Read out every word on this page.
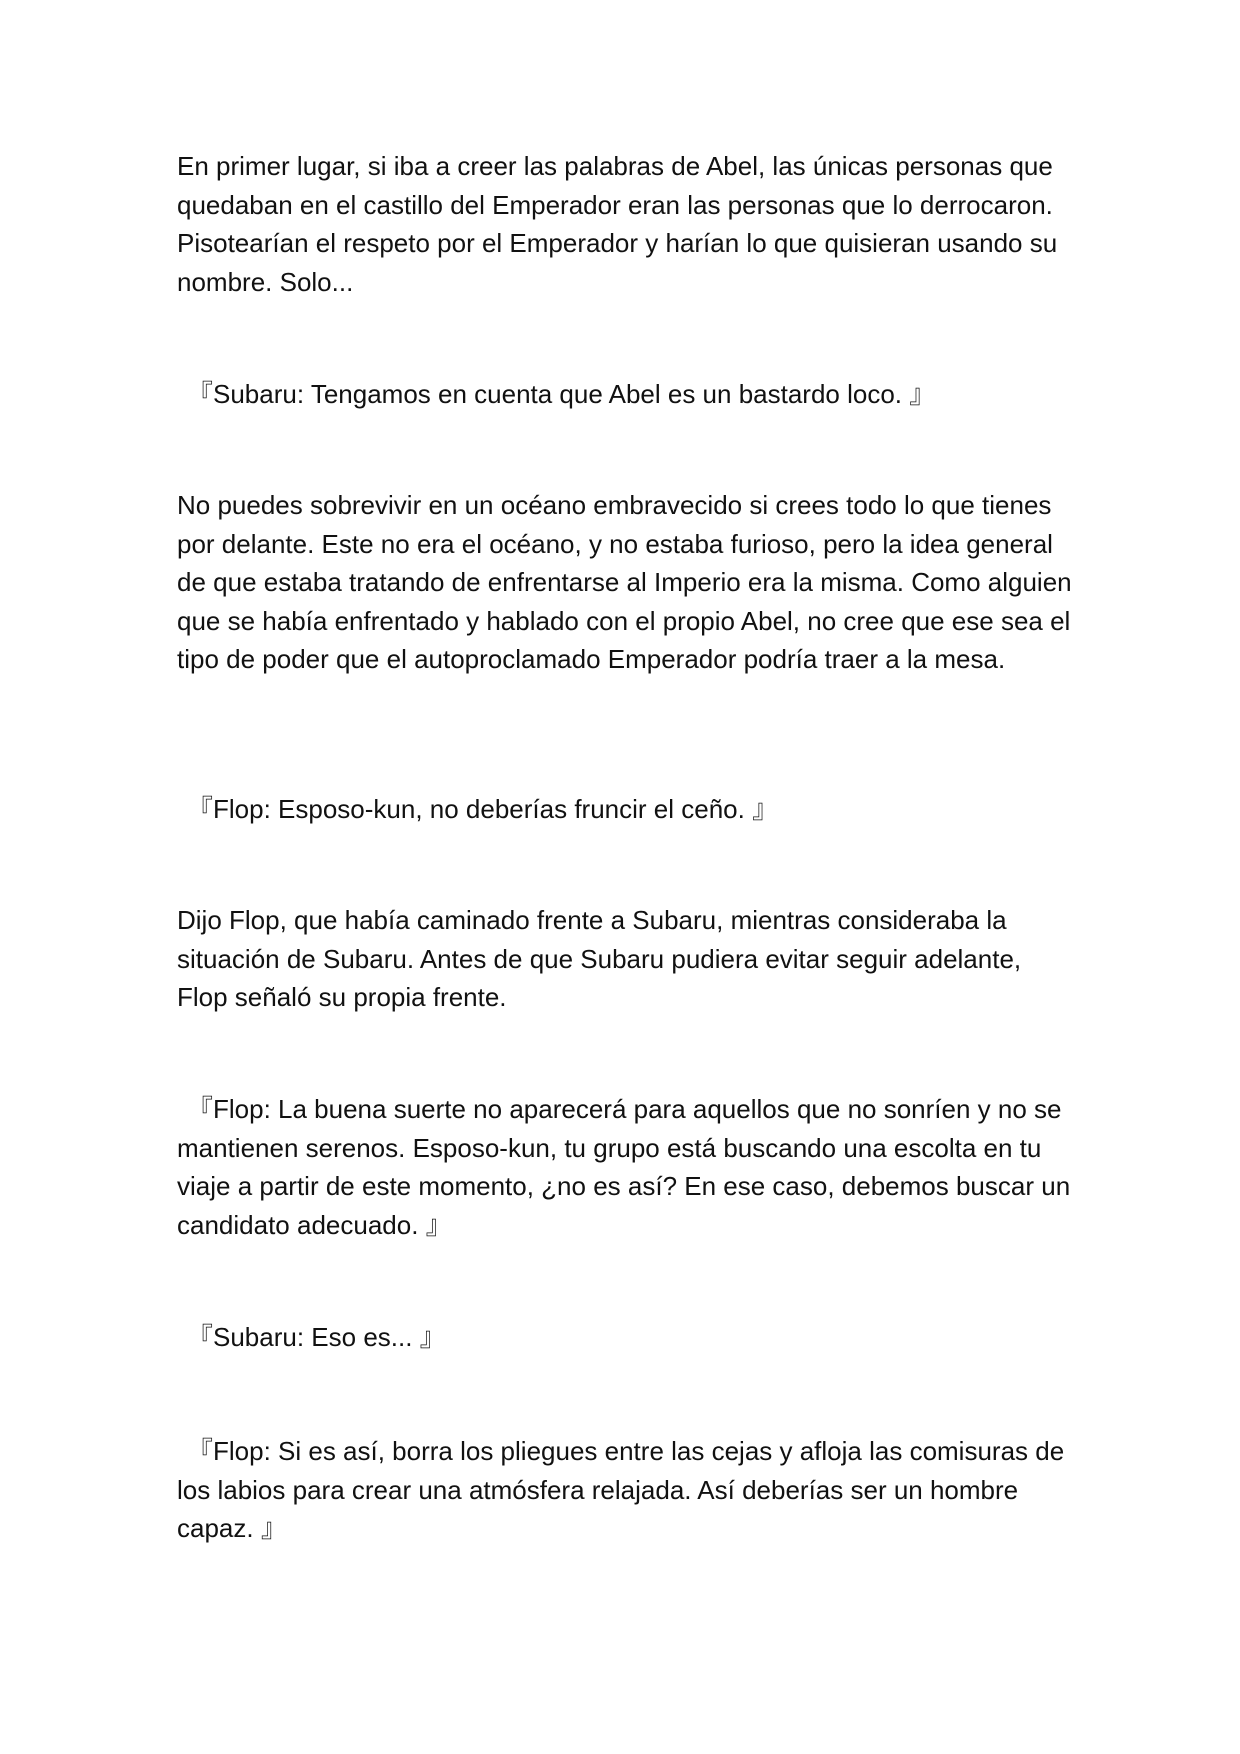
En primer lugar, si iba a creer las palabras de Abel, las únicas personas que quedaban en el castillo del Emperador eran las personas que lo derrocaron. Pisotearían el respeto por el Emperador y harían lo que quisieran usando su nombre. Solo...

『Subaru: Tengamos en cuenta que Abel es un bastardo loco. 』

No puedes sobrevivir en un océano embravecido si crees todo lo que tienes por delante. Este no era el océano, y no estaba furioso, pero la idea general de que estaba tratando de enfrentarse al Imperio era la misma. Como alguien que se había enfrentado y hablado con el propio Abel, no cree que ese sea el tipo de poder que el autoproclamado Emperador podría traer a la mesa.

『Flop: Esposo-kun, no deberías fruncir el ceño. 』

Dijo Flop, que había caminado frente a Subaru, mientras consideraba la situación de Subaru. Antes de que Subaru pudiera evitar seguir adelante, Flop señaló su propia frente.

『Flop: La buena suerte no aparecerá para aquellos que no sonríen y no se mantienen serenos. Esposo-kun, tu grupo está buscando una escolta en tu viaje a partir de este momento, ¿no es así? En ese caso, debemos buscar un candidato adecuado. 』

『Subaru: Eso es... 』

『Flop: Si es así, borra los pliegues entre las cejas y afloja las comisuras de los labios para crear una atmósfera relajada. Así deberías ser un hombre capaz. 』
